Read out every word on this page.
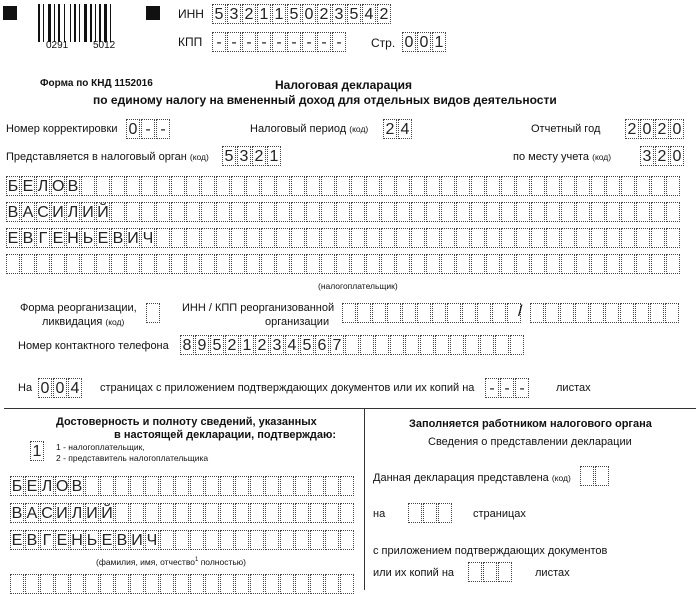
0291 5012
ИНН 5 3 2 1 1 5 0 2 3 5 4 2
КПП - - - - - - - - -	Стр. 0 0 1
Форма по КНД 1152016	Налоговая декларация
по единому налогу на вмененный доход для отдельных видов деятельности
Номер корректировки 0 - -	Налоговый период (код) 2 4	Отчетный год 2 0 2 0
Представляется в налоговый орган (код) 5 3 2 1	по месту учета (код) 3 2 0
Б Е Л О В
В А С И Л И Й
Е В Г Е Н Ь Е В И Ч
(налогоплательщик)
Форма реорганизации,
ликвидация (код)
ИНН / КПП реорганизованной
организации
/
Номер контактного телефона 8 9 5 2 1 2 3 4 5 6 7
На 0 0 4 страницах с приложением подтверждающих документов или их копий на - - -	листах
Достоверность и полноту сведений, указанных
в настоящей декларации, подтверждаю:
1 1 - налогоплательщик,
2 - представитель налогоплательщика
Б Е Л О В
В А С И Л И Й
Е В Г Е Н Ь Е В И Ч
(фамилия, имя, отчество$^1$ полностью)
Заполняется работником налогового органа
Сведения о представлении декларации
Данная декларация представлена (код)
на	страницах
с приложением подтверждающих документов
или их копий на	листах
